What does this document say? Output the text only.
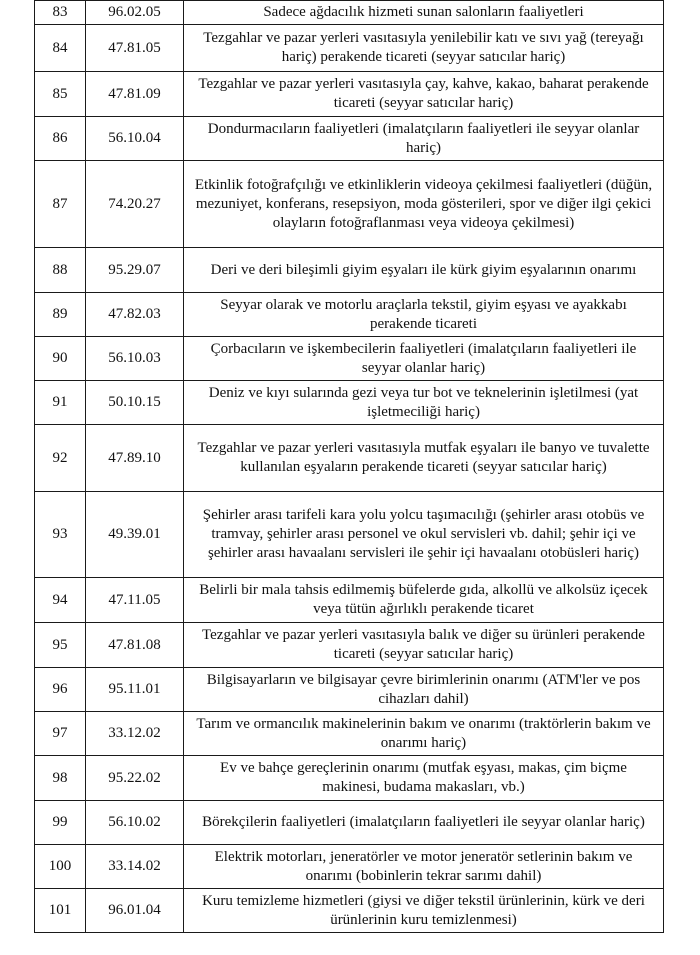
83	96.02.05	Sadece ağdacılık hizmeti sunan salonların faaliyetleri
84	47.81.05	Tezgahlar ve pazar yerleri vasıtasıyla yenilebilir katı ve sıvı yağ (tereyağı hariç) perakende ticareti (seyyar satıcılar hariç)
85	47.81.09	Tezgahlar ve pazar yerleri vasıtasıyla çay, kahve, kakao, baharat perakende ticareti (seyyar satıcılar hariç)
86	56.10.04	Dondurmacıların faaliyetleri (imalatçıların faaliyetleri ile seyyar olanlar hariç)
87	74.20.27	Etkinlik fotoğrafçılığı ve etkinliklerin videoya çekilmesi faaliyetleri (düğün, mezuniyet, konferans, resepsiyon, moda gösterileri, spor ve diğer ilgi çekici olayların fotoğraflanması veya videoya çekilmesi)
88	95.29.07	Deri ve deri bileşimli giyim eşyaları ile kürk giyim eşyalarının onarımı
89	47.82.03	Seyyar olarak ve motorlu araçlarla tekstil, giyim eşyası ve ayakkabı perakende ticareti
90	56.10.03	Çorbacıların ve işkembecilerin faaliyetleri (imalatçıların faaliyetleri ile seyyar olanlar hariç)
91	50.10.15	Deniz ve kıyı sularında gezi veya tur bot ve teknelerinin işletilmesi (yat işletmeciliği hariç)
92	47.89.10	Tezgahlar ve pazar yerleri vasıtasıyla mutfak eşyaları ile banyo ve tuvalette kullanılan eşyaların perakende ticareti (seyyar satıcılar hariç)
93	49.39.01	Şehirler arası tarifeli kara yolu yolcu taşımacılığı (şehirler arası otobüs ve tramvay, şehirler arası personel ve okul servisleri vb. dahil; şehir içi ve şehirler arası havaalanı servisleri ile şehir içi havaalanı otobüsleri hariç)
94	47.11.05	Belirli bir mala tahsis edilmemiş büfelerde gıda, alkollü ve alkolsüz içecek veya tütün ağırlıklı perakende ticaret
95	47.81.08	Tezgahlar ve pazar yerleri vasıtasıyla balık ve diğer su ürünleri perakende ticareti (seyyar satıcılar hariç)
96	95.11.01	Bilgisayarların ve bilgisayar çevre birimlerinin onarımı (ATM'ler ve pos cihazları dahil)
97	33.12.02	Tarım ve ormancılık makinelerinin bakım ve onarımı (traktörlerin bakım ve onarımı hariç)
98	95.22.02	Ev ve bahçe gereçlerinin onarımı (mutfak eşyası, makas, çim biçme makinesi, budama makasları, vb.)
99	56.10.02	Börekçilerin faaliyetleri (imalatçıların faaliyetleri ile seyyar olanlar hariç)
100	33.14.02	Elektrik motorları, jeneratörler ve motor jeneratör setlerinin bakım ve onarımı (bobinlerin tekrar sarımı dahil)
101	96.01.04	Kuru temizleme hizmetleri (giysi ve diğer tekstil ürünlerinin, kürk ve deri ürünlerinin kuru temizlenmesi)
